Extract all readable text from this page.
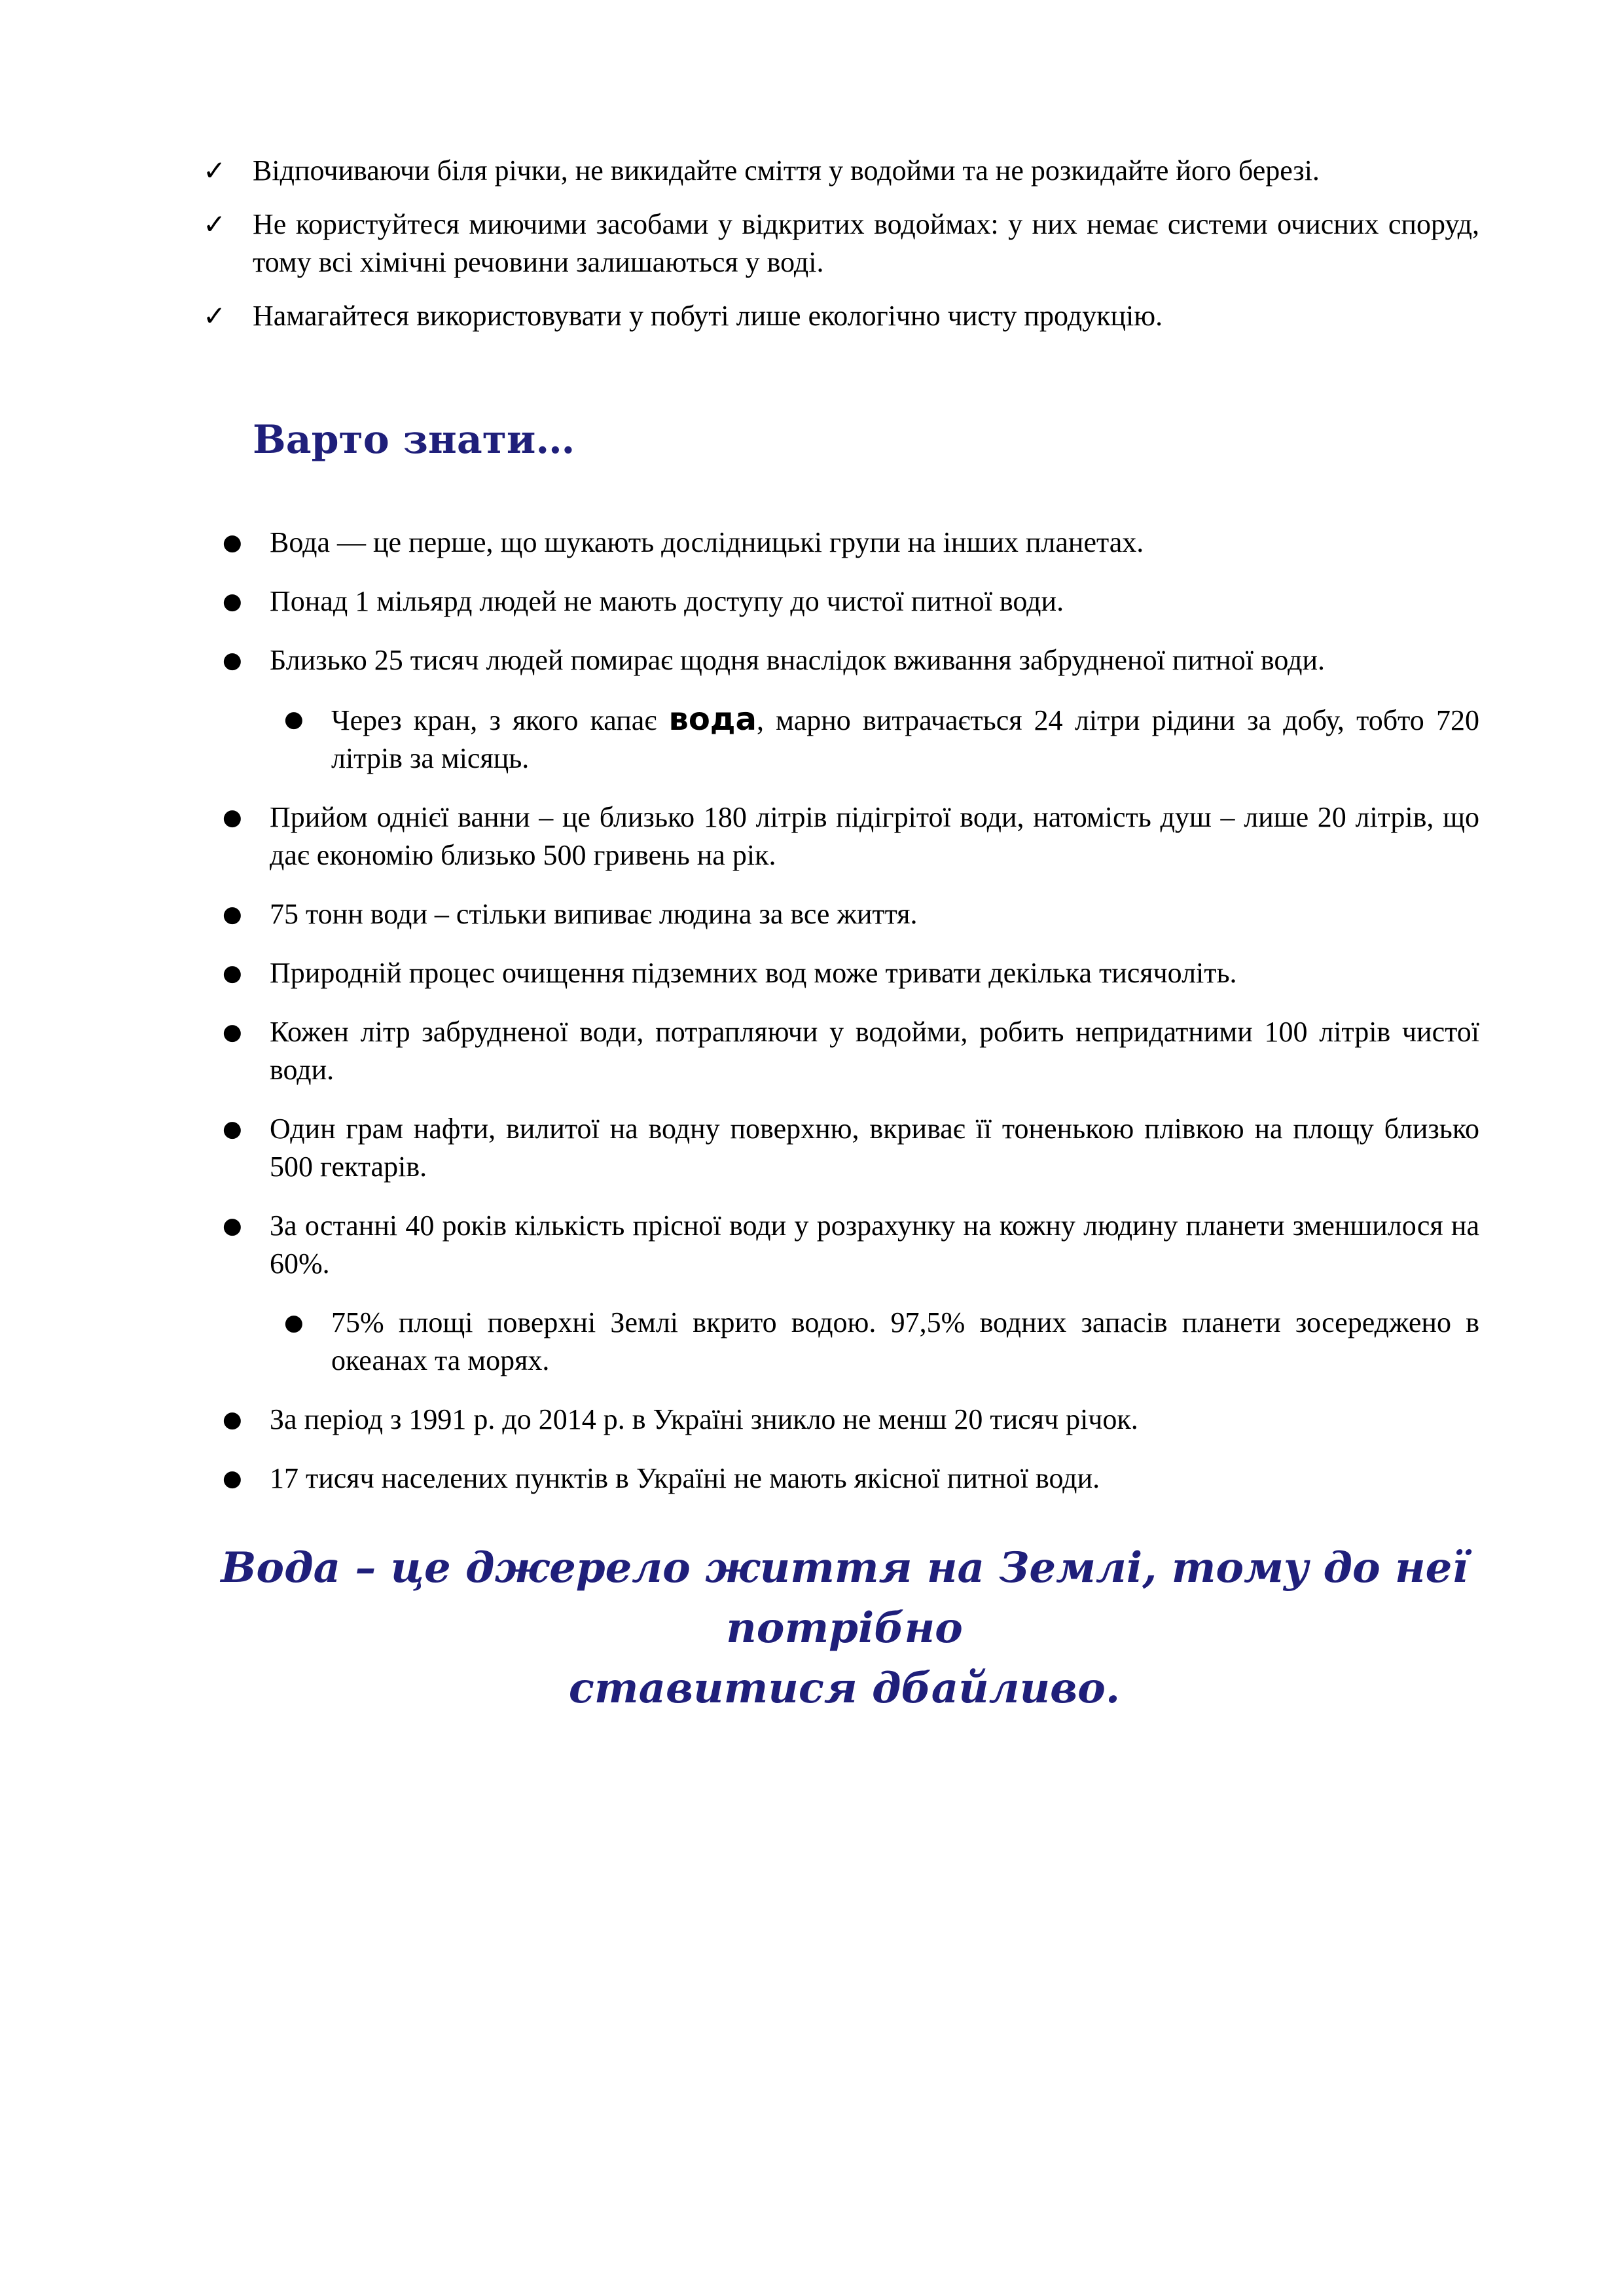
✓ Відпочиваючи біля річки, не викидайте сміття у водойми та не розкидайте його березі.
✓ Не користуйтеся миючими засобами у відкритих водоймах: у них немає системи очисних споруд, тому всі хімічні речовини залишаються у воді.
✓ Намагайтеся використовувати у побуті лише екологічно чисту продукцію.
Варто знати…
● Вода — це перше, що шукають дослідницькі групи на інших планетах.
● Понад 1 мільярд людей не мають доступу до чистої питної води.
● Близько 25 тисяч людей помирає щодня внаслідок вживання забрудненої питної води.
● Через кран, з якого капає вода, марно витрачається 24 літри рідини за добу, тобто 720 літрів за місяць.
● Прийом однієї ванни – це близько 180 літрів підігрітої води, натомість душ – лише 20 літрів, що дає економію близько 500 гривень на рік.
● 75 тонн води – стільки випиває людина за все життя.
● Природній процес очищення підземних вод може тривати декілька тисячоліть.
● Кожен літр забрудненої води, потрапляючи у водойми, робить непридатними 100 літрів чистої води.
● Один грам нафти, вилитої на водну поверхню, вкриває її тоненькою плівкою на площу близько 500 гектарів.
● За останні 40 років кількість прісної води у розрахунку на кожну людину планети зменшилося на 60%.
● 75% площі поверхні Землі вкрито водою. 97,5% водних запасів планети зосереджено в океанах та морях.
● За період з 1991 р. до 2014 р. в Україні зникло не менш 20 тисяч річок.
● 17 тисяч населених пунктів в Україні не мають якісної питної води.

Вода – це джерело життя на Землі, тому до неї потрібно
ставитися дбайливо.
